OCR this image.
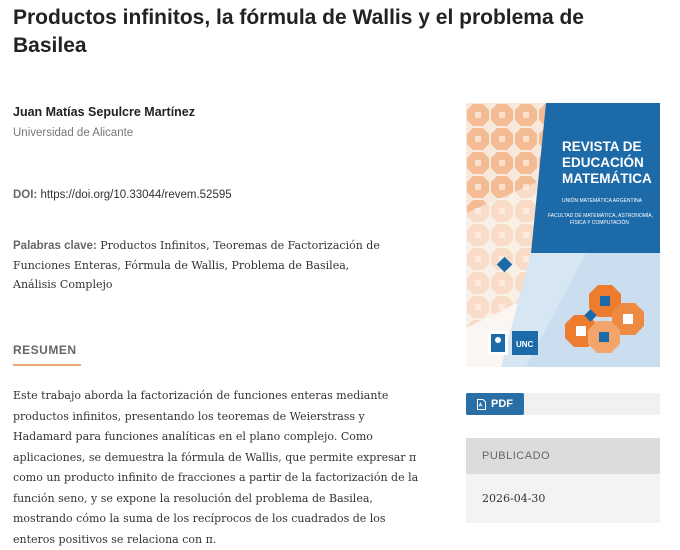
Productos infinitos, la fórmula de Wallis y el problema de Basilea
Juan Matías Sepulcre Martínez
Universidad de Alicante
DOI: https://doi.org/10.33044/revem.52595
Palabras clave: Productos Infinitos, Teoremas de Factorización de Funciones Enteras, Fórmula de Wallis, Problema de Basilea, Análisis Complejo
RESUMEN

Este trabajo aborda la factorización de funciones enteras mediante productos infinitos, presentando los teoremas de Weierstrass y Hadamard para funciones analíticas en el plano complejo. Como aplicaciones, se demuestra la fórmula de Wallis, que permite expresar π como un producto infinito de fracciones a partir de la factorización de la función seno, y se expone la resolución del problema de Basilea, mostrando cómo la suma de los recíprocos de los cuadrados de los enteros positivos se relaciona con π.

REVISTA DE
EDUCACIÓN
MATEMÁTICA
UNIÓN MATEMÁTICA ARGENTINA
FACULTAD DE MATEMÁTICA, ASTRONOMÍA,
FÍSICA Y COMPUTACIÓN
UNC
PDF
PUBLICADO
2026-04-30
